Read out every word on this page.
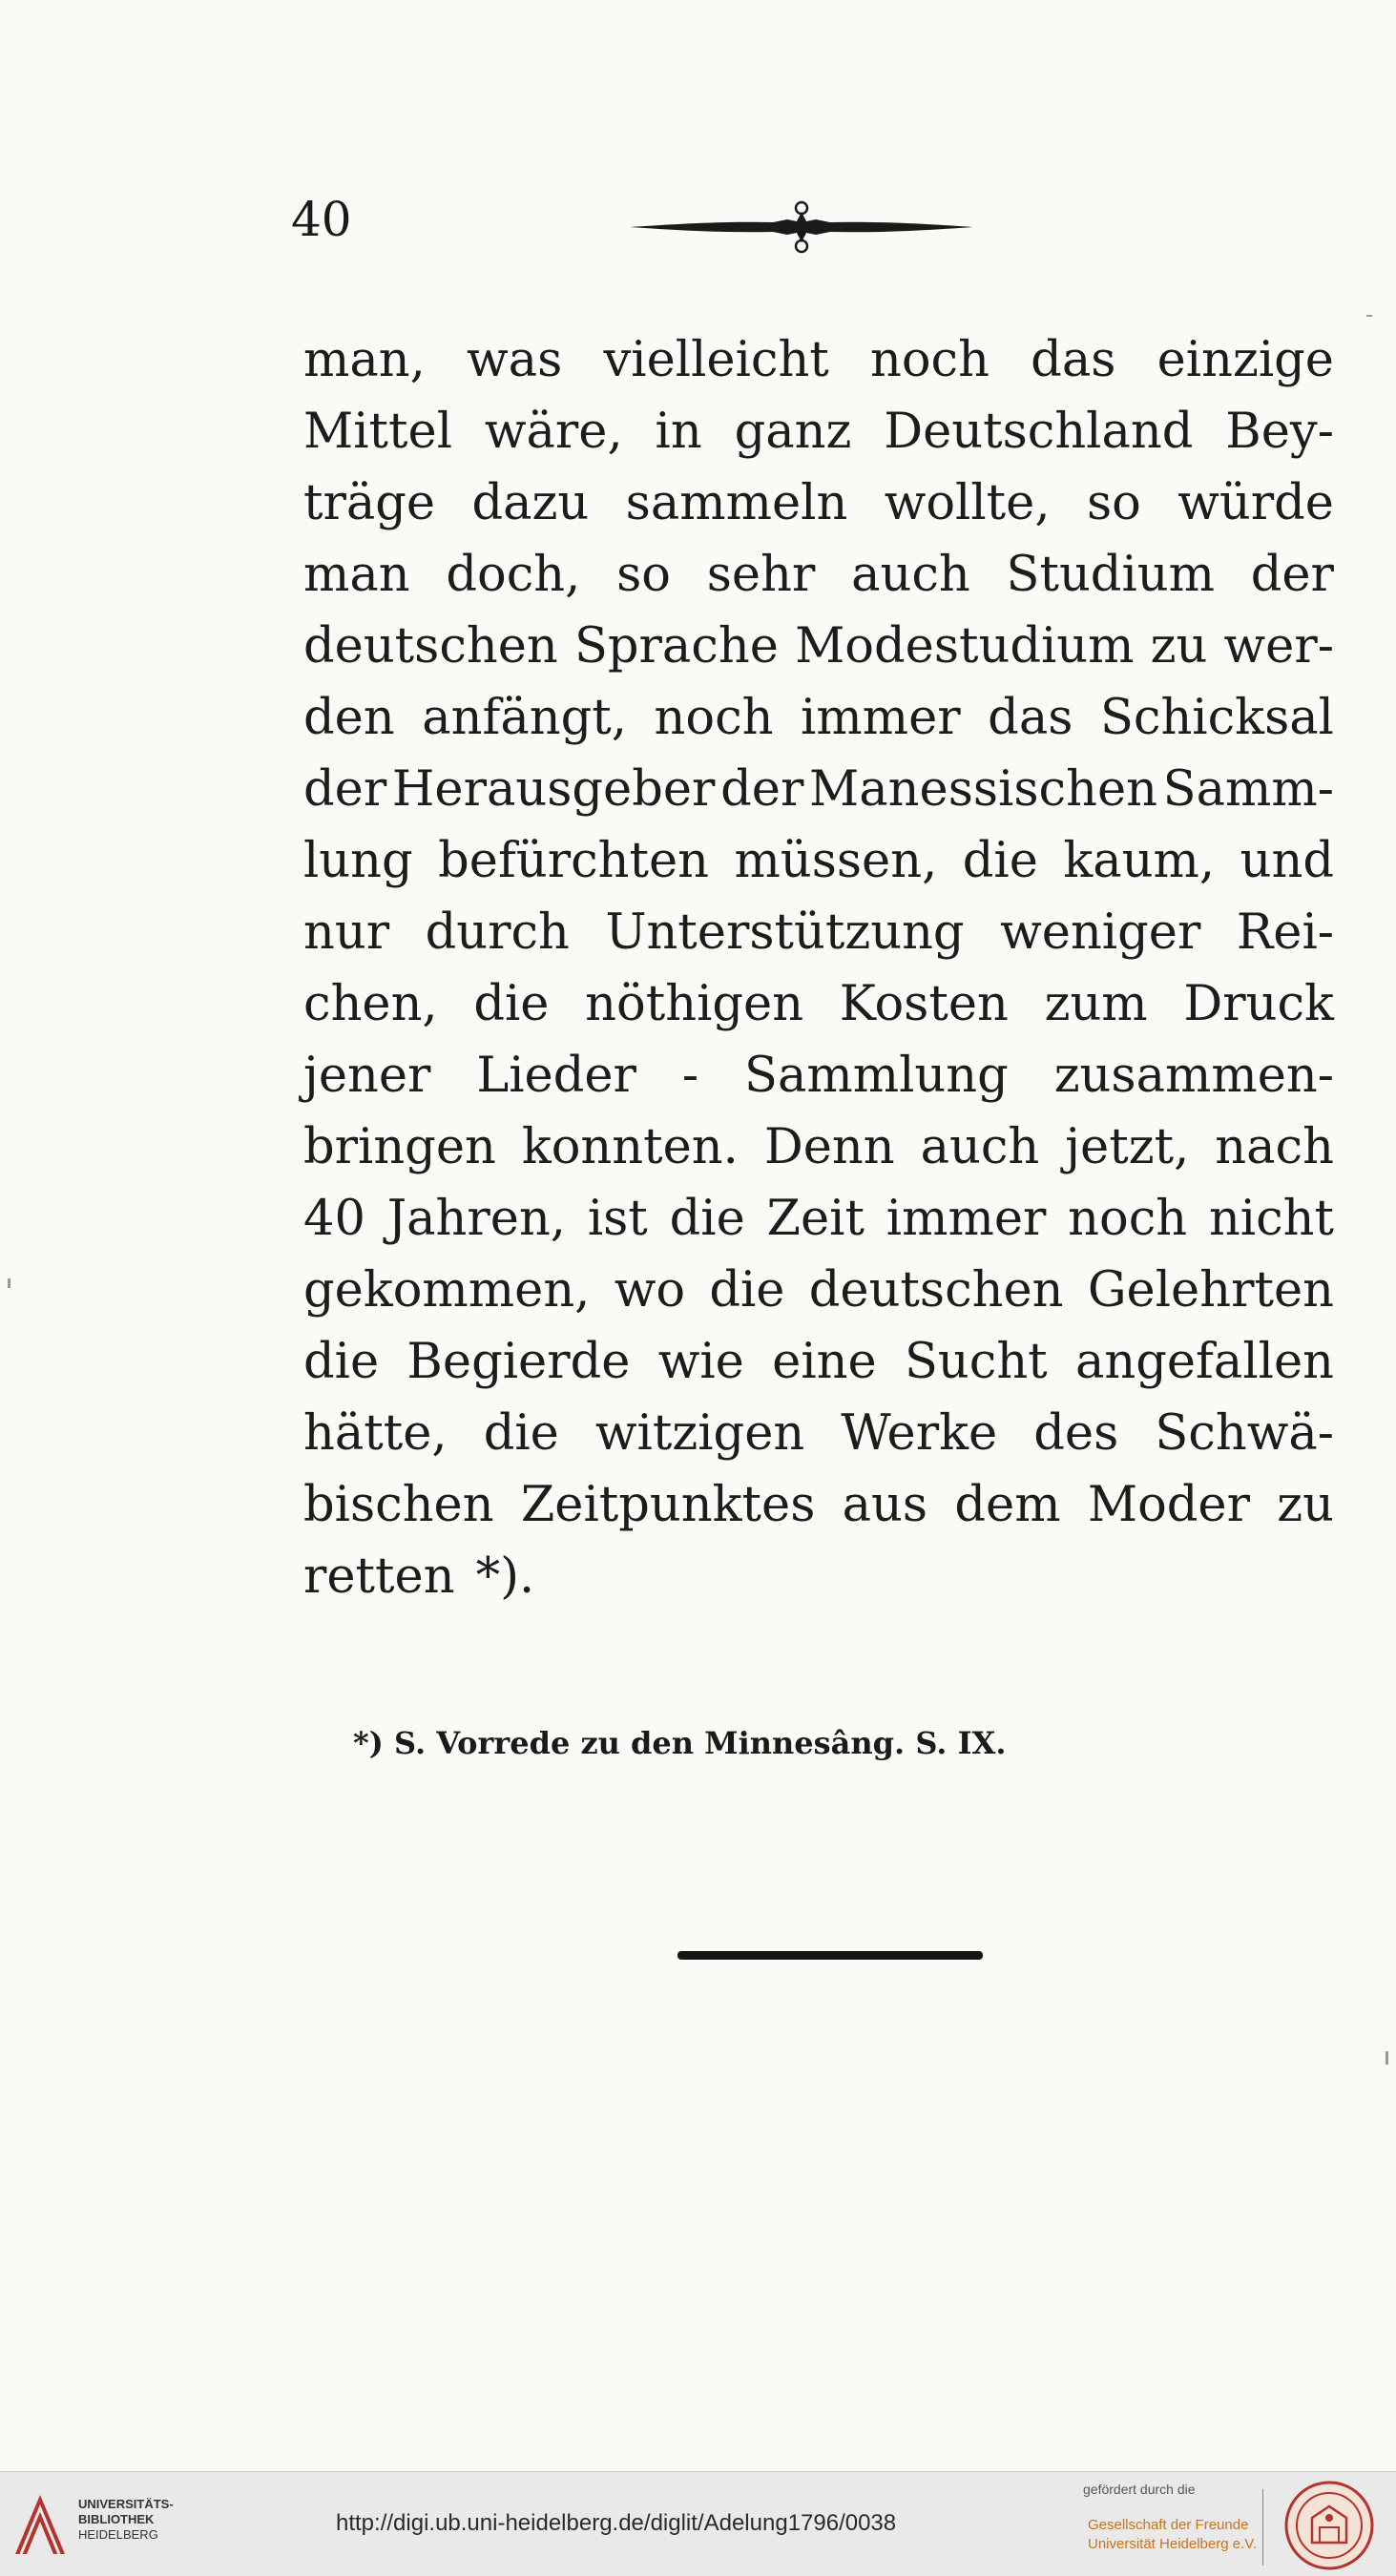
40
man, was vielleicht noch das einzige
Mittel wäre, in ganz Deutschland Bey-
träge dazu sammeln wollte, so würde
man doch, so sehr auch Studium der
deutschen Sprache Modestudium zu wer-
den anfängt, noch immer das Schicksal
der Herausgeber der Manessischen Samm-
lung befürchten müssen, die kaum, und
nur durch Unterstützung weniger Rei-
chen, die nöthigen Kosten zum Druck
jener Lieder - Sammlung zusammen-
bringen konnten. Denn auch jetzt, nach
40 Jahren, ist die Zeit immer noch nicht
gekommen, wo die deutschen Gelehrten
die Begierde wie eine Sucht angefallen
hätte, die witzigen Werke des Schwä-
bischen Zeitpunktes aus dem Moder zu
retten *).
*) S. Vorrede zu den Minnesâng. S. IX.
UNIVERSITÄTS-
BIBLIOTHEK
HEIDELBERG	http://digi.ub.uni-heidelberg.de/diglit/Adelung1796/0038
gefördert durch die
Gesellschaft der Freunde
Universität Heidelberg e.V.
